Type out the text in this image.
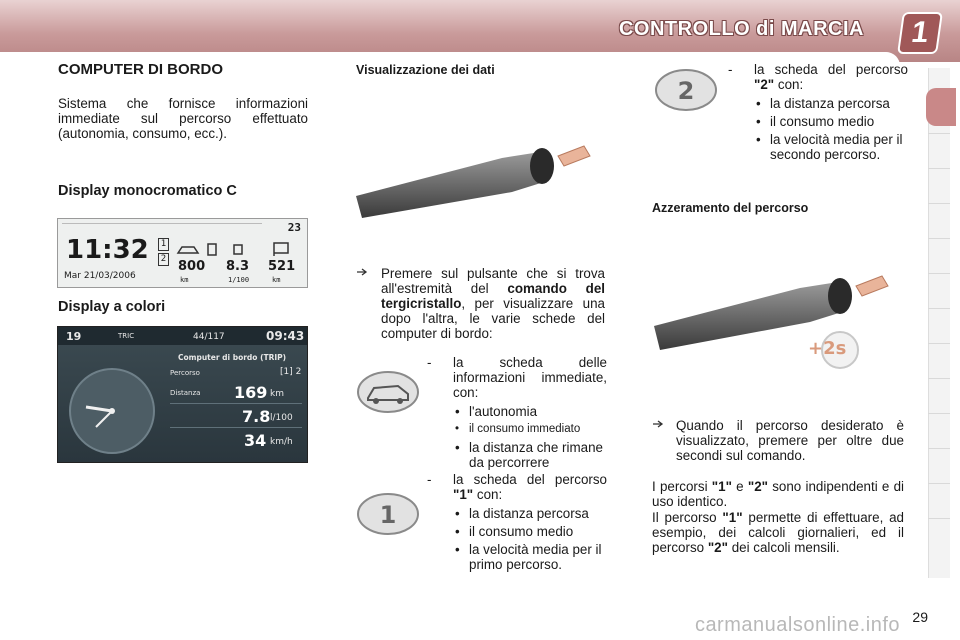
CONTROLLO di MARCIA	1
COMPUTER DI BORDO
Sistema che fornisce informazioni immediate sul percorso effettuato (autonomia, consumo, ecc.).
Display monocromatico C
23
11:32
Mar 21/03/2006
1
2 800 8.3 521
km	1/100	km
Display a colori
19	TRIC	44/117	09:43
Computer di bordo (TRIP)
Percorso	[1] 2
Distanza 169 km
7.8 l/100
34 km/h
Visualizzazione dei dati
Premere sul pulsante che si trova all'estremità del comando del tergicristallo, per visualizzare una dopo l'altra, le varie schede del computer di bordo:
- la scheda delle informazioni immediate, con:
• l'autonomia
• il consumo immediato
• la distanza che rimane da percorrere
1
- la scheda del percorso "1" con:
• la distanza percorsa
• il consumo medio
• la velocità media per il primo percorso.
2
- la scheda del percorso "2" con:
• la distanza percorsa
• il consumo medio
• la velocità media per il secondo percorso.
Azzeramento del percorso
+2s
Quando il percorso desiderato è visualizzato, premere per oltre due secondi sul comando.
I percorsi "1" e "2" sono indipendenti e di uso identico.
Il percorso "1" permette di effettuare, ad esempio, dei calcoli giornalieri, ed il percorso "2" dei calcoli mensili.
29
carmanualsonline.info
